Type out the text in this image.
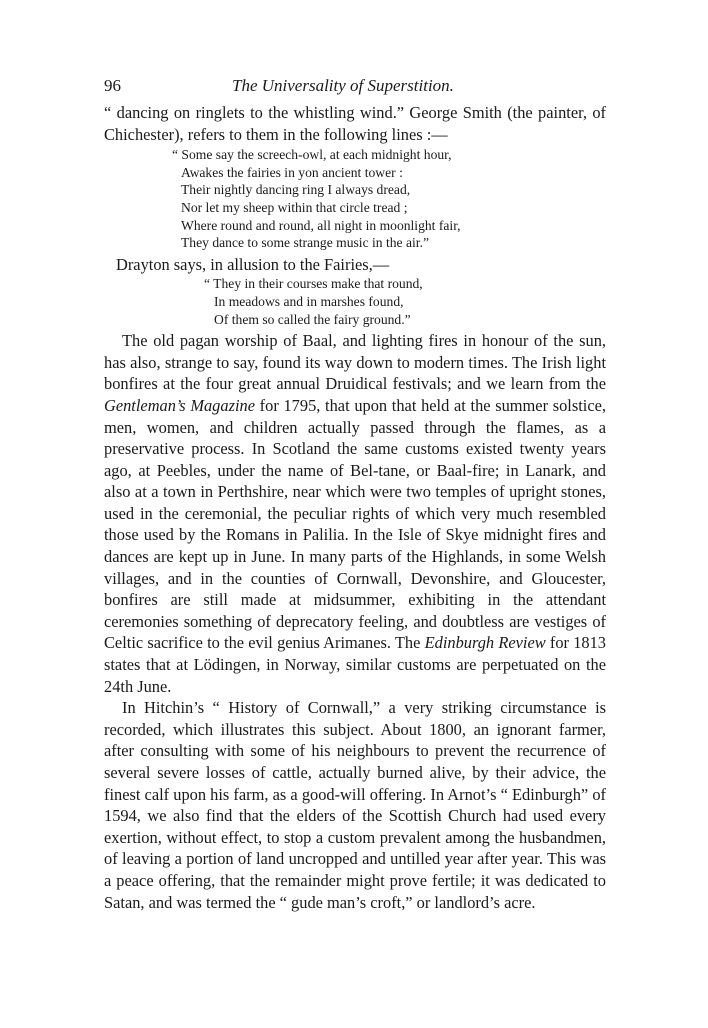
96	The Universality of Superstition.

“ dancing on ringlets to the whistling wind.” George Smith (the painter, of Chichester), refers to them in the following lines :—

“ Some say the screech-owl, at each midnight hour,
Awakes the fairies in yon ancient tower :
Their nightly dancing ring I always dread,
Nor let my sheep within that circle tread ;
Where round and round, all night in moonlight fair,
They dance to some strange music in the air.”

Drayton says, in allusion to the Fairies,—

“ They in their courses make that round,
In meadows and in marshes found,
Of them so called the fairy ground.”

The old pagan worship of Baal, and lighting fires in honour of the sun, has also, strange to say, found its way down to modern times. The Irish light bonfires at the four great annual Druidical festivals; and we learn from the Gentleman’s Magazine for 1795, that upon that held at the summer solstice, men, women, and children actually passed through the flames, as a preservative process. In Scotland the same customs existed twenty years ago, at Peebles, under the name of Bel-tane, or Baal-fire; in Lanark, and also at a town in Perthshire, near which were two temples of upright stones, used in the ceremonial, the peculiar rights of which very much resembled those used by the Romans in Palilia. In the Isle of Skye midnight fires and dances are kept up in June. In many parts of the Highlands, in some Welsh villages, and in the counties of Cornwall, Devonshire, and Gloucester, bonfires are still made at midsummer, exhibiting in the attendant ceremonies something of deprecatory feeling, and doubtless are vestiges of Celtic sacrifice to the evil genius Arimanes. The Edinburgh Review for 1813 states that at Lödingen, in Norway, similar customs are perpetuated on the 24th June.

In Hitchin’s “ History of Cornwall,” a very striking circumstance is recorded, which illustrates this subject. About 1800, an ignorant farmer, after consulting with some of his neighbours to prevent the recurrence of several severe losses of cattle, actually burned alive, by their advice, the finest calf upon his farm, as a good-will offering. In Arnot’s “ Edinburgh” of 1594, we also find that the elders of the Scottish Church had used every exertion, without effect, to stop a custom prevalent among the husbandmen, of leaving a portion of land uncropped and untilled year after year. This was a peace offering, that the remainder might prove fertile; it was dedicated to Satan, and was termed the “ gude man’s croft,” or landlord’s acre.
